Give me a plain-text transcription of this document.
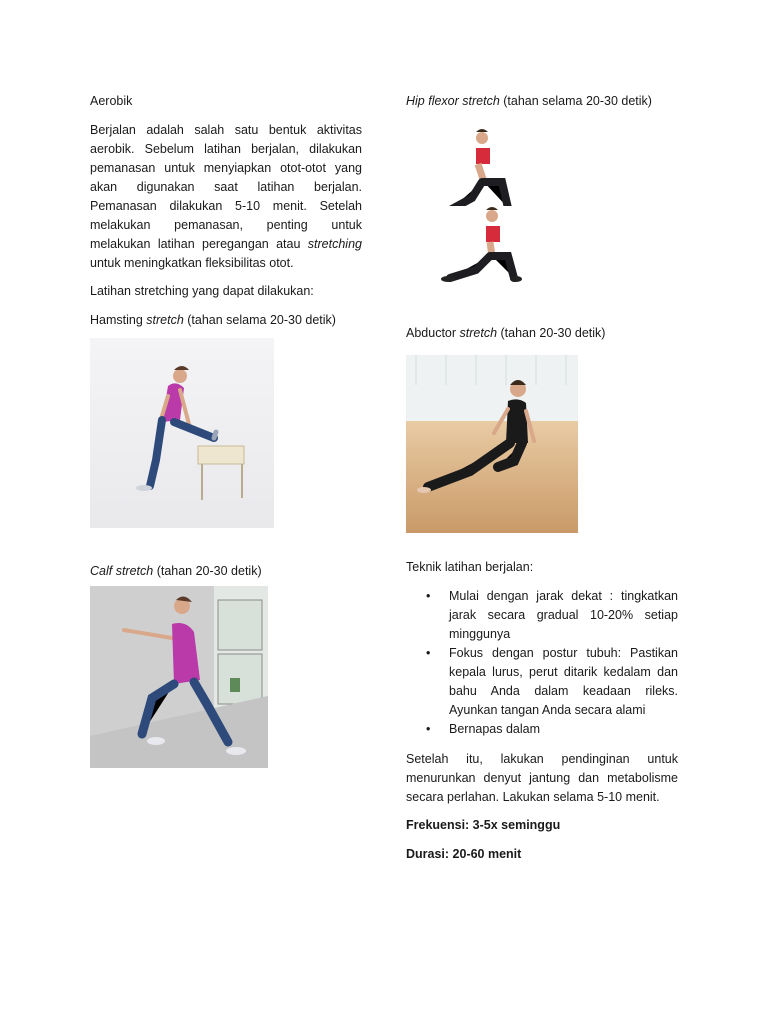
Aerobik

Berjalan adalah salah satu bentuk aktivitas aerobik. Sebelum latihan berjalan, dilakukan pemanasan untuk menyiapkan otot-otot yang akan digunakan saat latihan berjalan. Pemanasan dilakukan 5-10 menit. Setelah melakukan pemanasan, penting untuk melakukan latihan peregangan atau stretching untuk meningkatkan fleksibilitas otot.

Latihan stretching yang dapat dilakukan:

Hamsting stretch (tahan selama 20-30 detik)

Calf stretch (tahan 20-30 detik)

Hip flexor stretch (tahan selama 20-30 detik)

Abductor stretch (tahan 20-30 detik)

Teknik latihan berjalan:

• Mulai dengan jarak dekat : tingkatkan jarak secara gradual 10-20% setiap minggunya
• Fokus dengan postur tubuh: Pastikan kepala lurus, perut ditarik kedalam dan bahu Anda dalam keadaan rileks. Ayunkan tangan Anda secara alami
• Bernapas dalam

Setelah itu, lakukan pendinginan untuk menurunkan denyut jantung dan metabolisme secara perlahan. Lakukan selama 5-10 menit.

Frekuensi: 3-5x seminggu

Durasi: 20-60 menit
